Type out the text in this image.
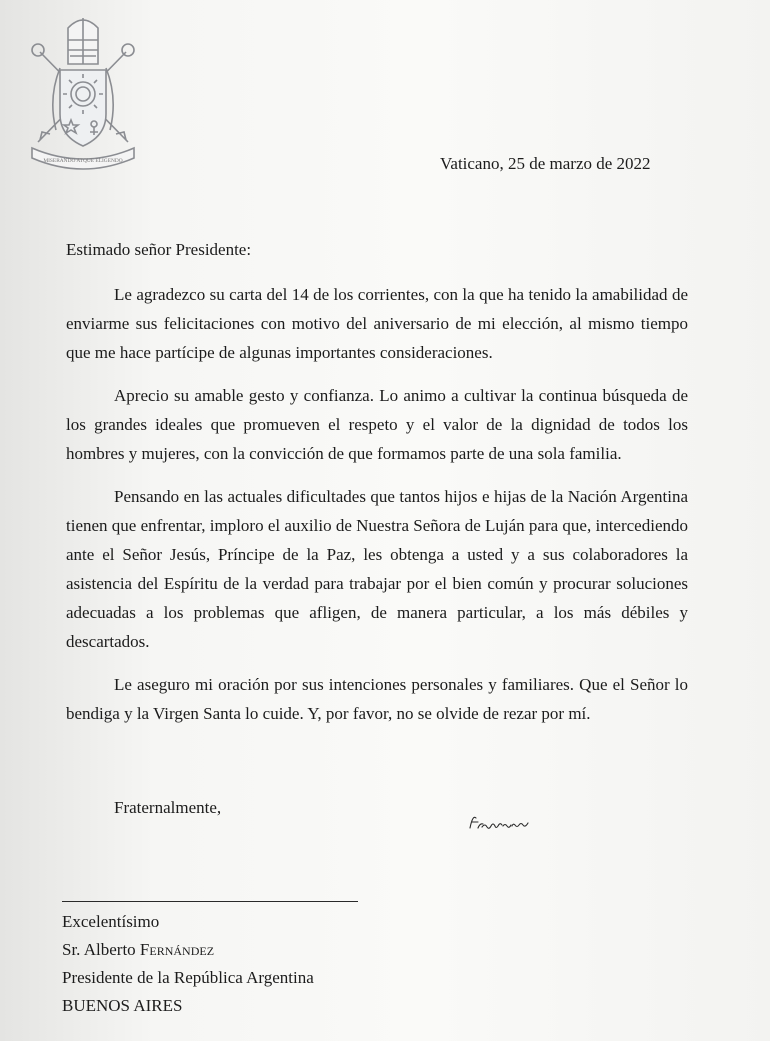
MISERANDO ATQUE ELIGENDO	Vaticano, 25 de marzo de 2022
Estimado señor Presidente:

Le agradezco su carta del 14 de los corrientes, con la que ha tenido la amabilidad de enviarme sus felicitaciones con motivo del aniversario de mi elección, al mismo tiempo que me hace partícipe de algunas importantes consideraciones.

Aprecio su amable gesto y confianza. Lo animo a cultivar la continua búsqueda de los grandes ideales que promueven el respeto y el valor de la dignidad de todos los hombres y mujeres, con la convicción de que formamos parte de una sola familia.

Pensando en las actuales dificultades que tantos hijos e hijas de la Nación Argentina tienen que enfrentar, imploro el auxilio de Nuestra Señora de Luján para que, intercediendo ante el Señor Jesús, Príncipe de la Paz, les obtenga a usted y a sus colaboradores la asistencia del Espíritu de la verdad para trabajar por el bien común y procurar soluciones adecuadas a los problemas que afligen, de manera particular, a los más débiles y descartados.

Le aseguro mi oración por sus intenciones personales y familiares. Que el Señor lo bendiga y la Virgen Santa lo cuide. Y, por favor, no se olvide de rezar por mí.

Fraternalmente,
Excelentísimo
Sr. Alberto Fernández
Presidente de la República Argentina
BUENOS AIRES
